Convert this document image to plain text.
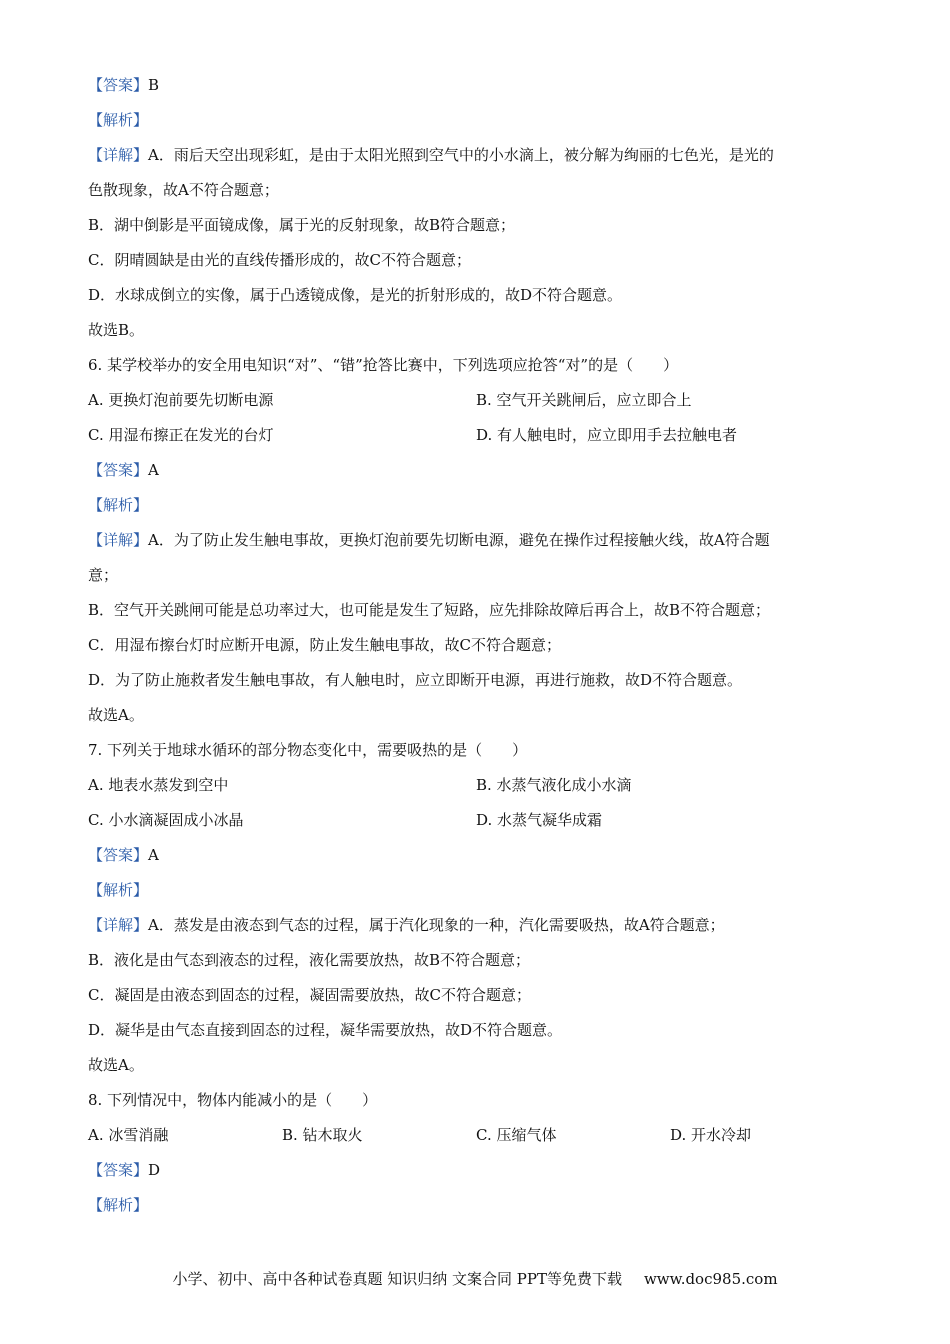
【答案】B
【解析】
【详解】A．雨后天空出现彩虹，是由于太阳光照到空气中的小水滴上，被分解为绚丽的七色光，是光的
色散现象，故A不符合题意；
B．湖中倒影是平面镜成像，属于光的反射现象，故B符合题意；
C．阴晴圆缺是由光的直线传播形成的，故C不符合题意；
D．水球成倒立的实像，属于凸透镜成像，是光的折射形成的，故D不符合题意。
故选B。
6. 某学校举办的安全用电知识“对”、“错”抢答比赛中，下列选项应抢答“对”的是（　　）
A. 更换灯泡前要先切断电源	B. 空气开关跳闸后，应立即合上
C. 用湿布擦正在发光的台灯	D. 有人触电时，应立即用手去拉触电者
【答案】A
【解析】
【详解】A．为了防止发生触电事故，更换灯泡前要先切断电源，避免在操作过程接触火线，故A符合题
意；
B．空气开关跳闸可能是总功率过大，也可能是发生了短路，应先排除故障后再合上，故B不符合题意；
C．用湿布擦台灯时应断开电源，防止发生触电事故，故C不符合题意；
D．为了防止施救者发生触电事故，有人触电时，应立即断开电源，再进行施救，故D不符合题意。
故选A。
7. 下列关于地球水循环的部分物态变化中，需要吸热的是（　　）
A. 地表水蒸发到空中	B. 水蒸气液化成小水滴
C. 小水滴凝固成小冰晶	D. 水蒸气凝华成霜
【答案】A
【解析】
【详解】A．蒸发是由液态到气态的过程，属于汽化现象的一种，汽化需要吸热，故A符合题意；
B．液化是由气态到液态的过程，液化需要放热，故B不符合题意；
C．凝固是由液态到固态的过程，凝固需要放热，故C不符合题意；
D．凝华是由气态直接到固态的过程，凝华需要放热，故D不符合题意。
故选A。
8. 下列情况中，物体内能减小的是（　　）
A. 冰雪消融	B. 钻木取火	C. 压缩气体	D. 开水冷却
【答案】D
【解析】
小学、初中、高中各种试卷真题 知识归纳 文案合同 PPT等免费下载 www.doc985.com
